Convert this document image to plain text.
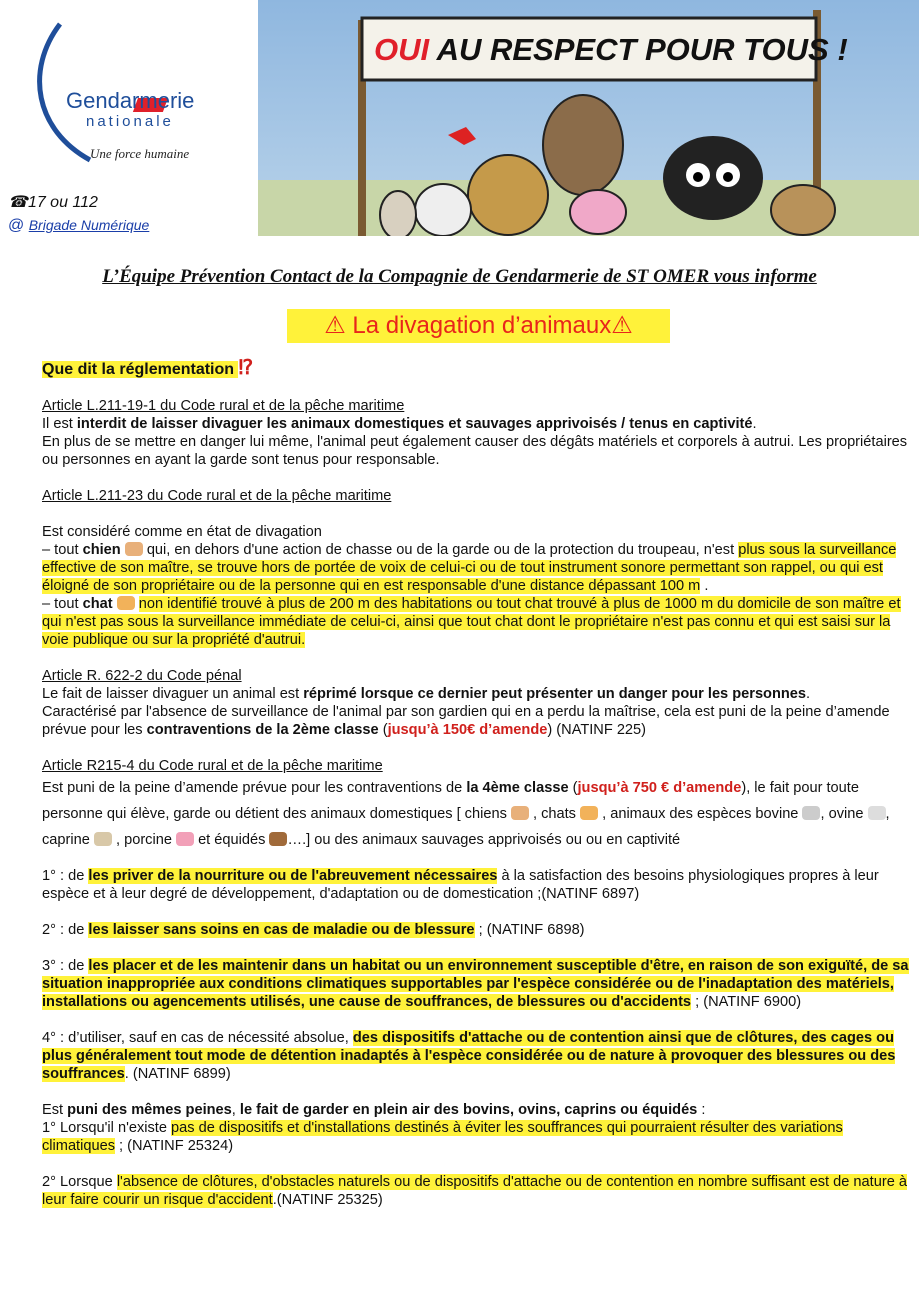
Gendarmerie
nationale
Une force humaine
☎17 ou 112
@ Brigade Numérique
OUI AU RESPECT POUR TOUS !
L’Équipe Prévention Contact de la Compagnie de Gendarmerie de ST OMER vous informe
⚠ La divagation d’animaux⚠

Que dit la réglementation ⁉

Article L.211-19-1 du Code rural et de la pêche maritime

Il est interdit de laisser divaguer les animaux domestiques et sauvages apprivoisés / tenus en captivité.

En plus de se mettre en danger lui même, l'animal peut également causer des dégâts matériels et corporels à autrui. Les propriétaires ou personnes en ayant la garde sont tenus pour responsable.

Article L.211-23 du Code rural et de la pêche maritime

Est considéré comme en état de divagation

– tout chien  qui, en dehors d'une action de chasse ou de la garde ou de la protection du troupeau, n'est plus sous la surveillance effective de son maître, se trouve hors de portée de voix de celui-ci ou de tout instrument sonore permettant son rappel, ou qui est éloigné de son propriétaire ou de la personne qui en est responsable d'une distance dépassant 100 m .

– tout chat non identifié trouvé à plus de 200 m des habitations ou tout chat trouvé à plus de 1000 m du domicile de son maître et qui n'est pas sous la surveillance immédiate de celui-ci, ainsi que tout chat dont le propriétaire n'est pas connu et qui est saisi sur la voie publique ou sur la propriété d'autrui.

Article R. 622-2 du Code pénal

Le fait de laisser divaguer un animal est réprimé lorsque ce dernier peut présenter un danger pour les personnes.

Caractérisé par l'absence de surveillance de l'animal par son gardien qui en a perdu la maîtrise, cela est puni de la peine d’amende prévue pour les contraventions de la 2ème classe (jusqu’à 150€ d’amende) (NATINF 225)

Article R215-4 du Code rural et de la pêche maritime

Est puni de la peine d’amende prévue pour les contraventions de la 4ème classe (jusqu’à 750 € d’amende), le fait pour toute personne qui élève, garde ou détient des animaux domestiques [ chiens  , chats  , animaux des espèces bovine , ovine , caprine  , porcine  et équidés ….] ou des animaux sauvages apprivoisés ou ou en captivité

1° : de les priver de la nourriture ou de l'abreuvement nécessaires à la satisfaction des besoins physiologiques propres à leur espèce et à leur degré de développement, d'adaptation ou de domestication ;(NATINF 6897)

2° : de les laisser sans soins en cas de maladie ou de blessure ; (NATINF 6898)

3° : de les placer et de les maintenir dans un habitat ou un environnement susceptible d'être, en raison de son exiguïté, de sa situation inappropriée aux conditions climatiques supportables par l'espèce considérée ou de l'inadaptation des matériels, installations ou agencements utilisés, une cause de souffrances, de blessures ou d'accidents ; (NATINF 6900)

4° : d’utiliser, sauf en cas de nécessité absolue, des dispositifs d'attache ou de contention ainsi que de clôtures, des cages ou plus généralement tout mode de détention inadaptés à l'espèce considérée ou de nature à provoquer des blessures ou des souffrances. (NATINF 6899)

Est puni des mêmes peines, le fait de garder en plein air des bovins, ovins, caprins ou équidés :

1° Lorsqu'il n'existe pas de dispositifs et d'installations destinés à éviter les souffrances qui pourraient résulter des variations climatiques ; (NATINF 25324)

2° Lorsque l'absence de clôtures, d'obstacles naturels ou de dispositifs d'attache ou de contention en nombre suffisant est de nature à leur faire courir un risque d'accident.(NATINF 25325)
